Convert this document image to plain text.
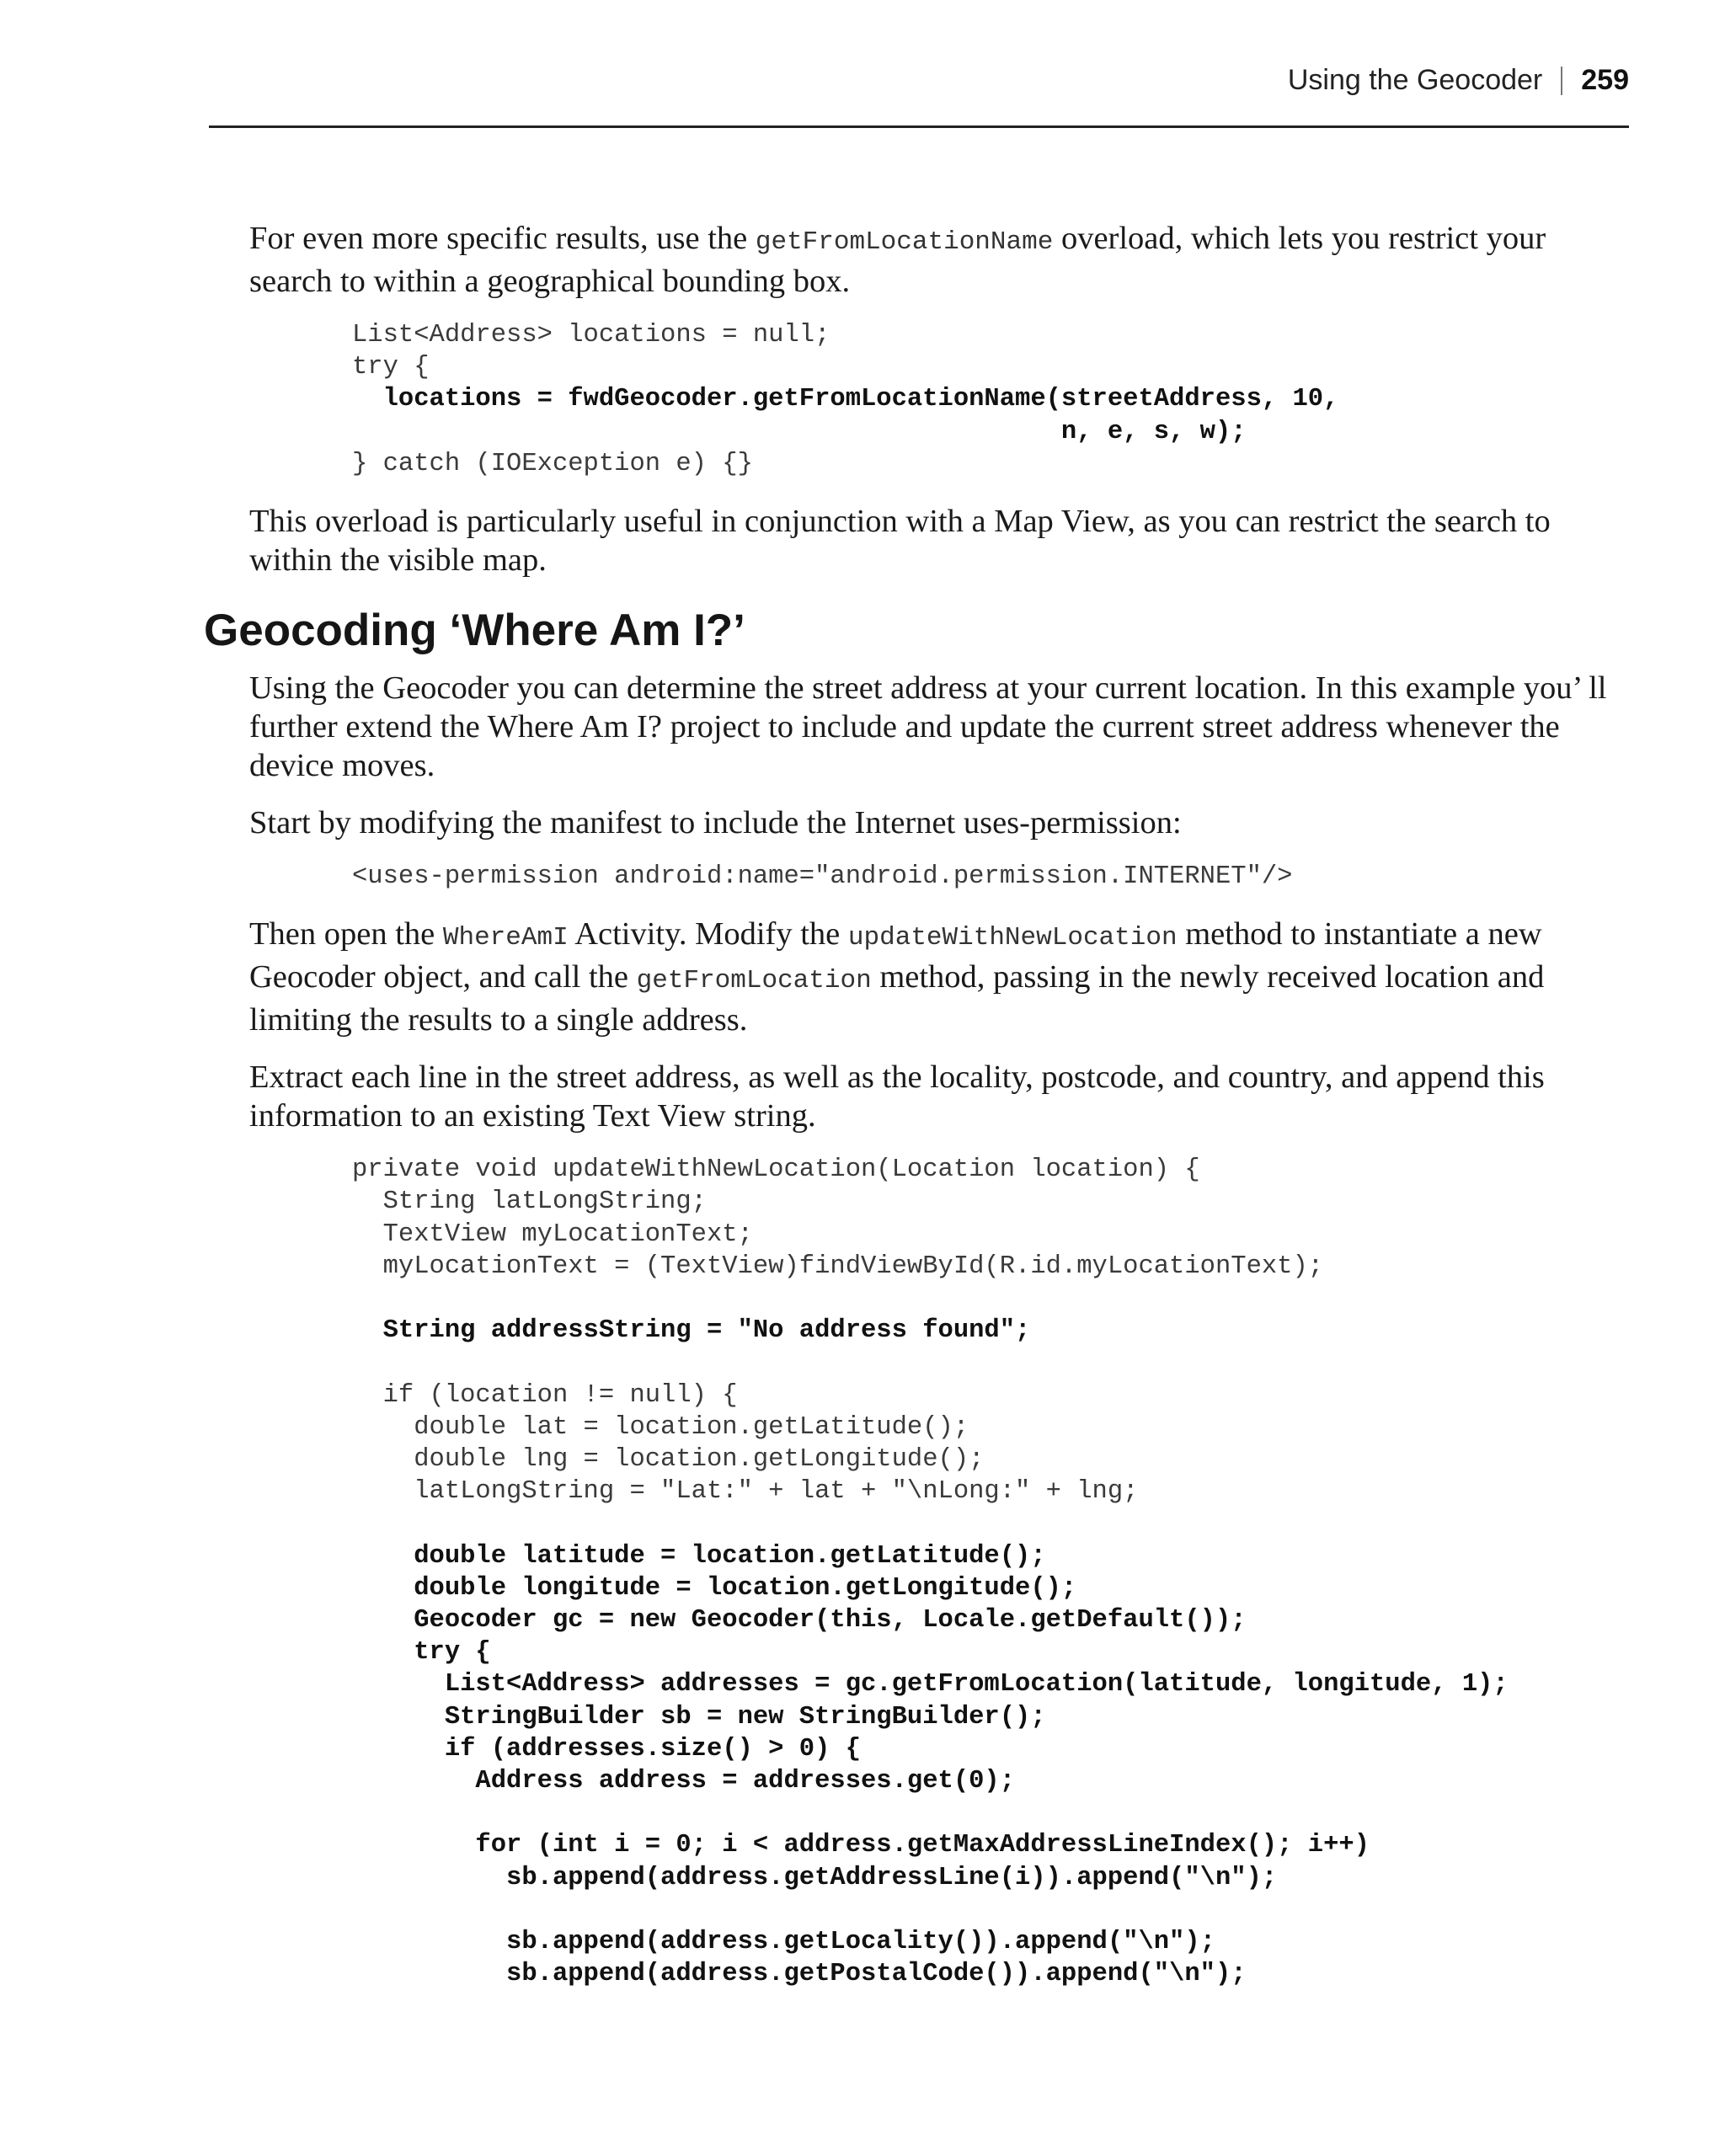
Using the Geocoder 259

For even more specific results, use the getFromLocationName overload, which lets you restrict your search to within a geographical bounding box.

List<Address> locations = null;
try {
locations = fwdGeocoder.getFromLocationName(streetAddress, 10,
n, e, s, w);
} catch (IOException e) {}

This overload is particularly useful in conjunction with a Map View, as you can restrict the search to within the visible map.

Geocoding ‘Where Am I?’

Using the Geocoder you can determine the street address at your current location. In this example you’ ll further extend the Where Am I? project to include and update the current street address whenever the device moves.

Start by modifying the manifest to include the Internet uses-permission:

<uses-permission android:name="android.permission.INTERNET"/>

Then open the WhereAmI Activity. Modify the updateWithNewLocation method to instantiate a new Geocoder object, and call the getFromLocation method, passing in the newly received location and limiting the results to a single address.

Extract each line in the street address, as well as the locality, postcode, and country, and append this information to an existing Text View string.

private void updateWithNewLocation(Location location) {
String latLongString;
TextView myLocationText;
myLocationText = (TextView)findViewById(R.id.myLocationText);
String addressString = "No address found";
if (location != null) {
double lat = location.getLatitude();
double lng = location.getLongitude();
latLongString = "Lat:" + lat + "\nLong:" + lng;
double latitude = location.getLatitude();
double longitude = location.getLongitude();
Geocoder gc = new Geocoder(this, Locale.getDefault());
try {
List<Address> addresses = gc.getFromLocation(latitude, longitude, 1);
StringBuilder sb = new StringBuilder();
if (addresses.size() > 0) {
Address address = addresses.get(0);
for (int i = 0; i < address.getMaxAddressLineIndex(); i++)
sb.append(address.getAddressLine(i)).append("\n");
sb.append(address.getLocality()).append("\n");
sb.append(address.getPostalCode()).append("\n");
